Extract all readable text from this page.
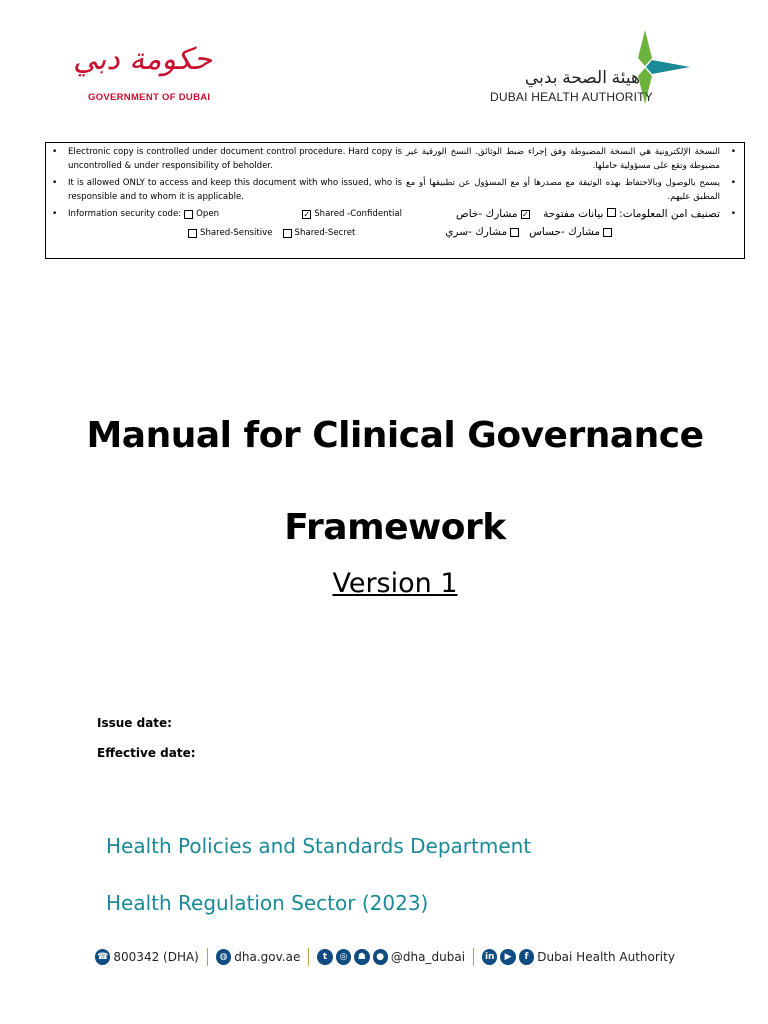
حكومة دبي
GOVERNMENT OF DUBAI
هيئة الصحة بدبي
DUBAI HEALTH AUTHORITY
•	Electronic copy is controlled under document control procedure. Hard copy is uncontrolled & under responsibility of beholder.
•	It is allowed ONLY to access and keep this document with who issued, who is responsible and to whom it is applicable.
•	Information security code: Open	✓ Shared -Confidential
Shared-Sensitive	Shared-Secret
•
النسخة الإلكترونية هي النسخة المضبوطة وفق إجراء ضبط الوثائق. النسخ الورقية غير مضبوطة وتقع على مسؤولية حاملها.
•
يسمح بالوصول وبالاحتفاظ بهذه الوثيقة مع مصدرها أو مع المسؤول عن تطبيقها أو مع المطبق عليهم.
•
تصنيف امن المعلومات:  بيانات مفتوحة    ✓ مشارك -خاص
مشارك -حساس
مشارك -سري
Manual for Clinical Governance
Framework
Version 1
Issue date:
Effective date:
Health Policies and Standards Department
Health Regulation Sector (2023)
☎ 800342 (DHA)	◍ dha.gov.ae	t	◎	☗	● @dha_dubai	in	▶	f Dubai Health Authority
